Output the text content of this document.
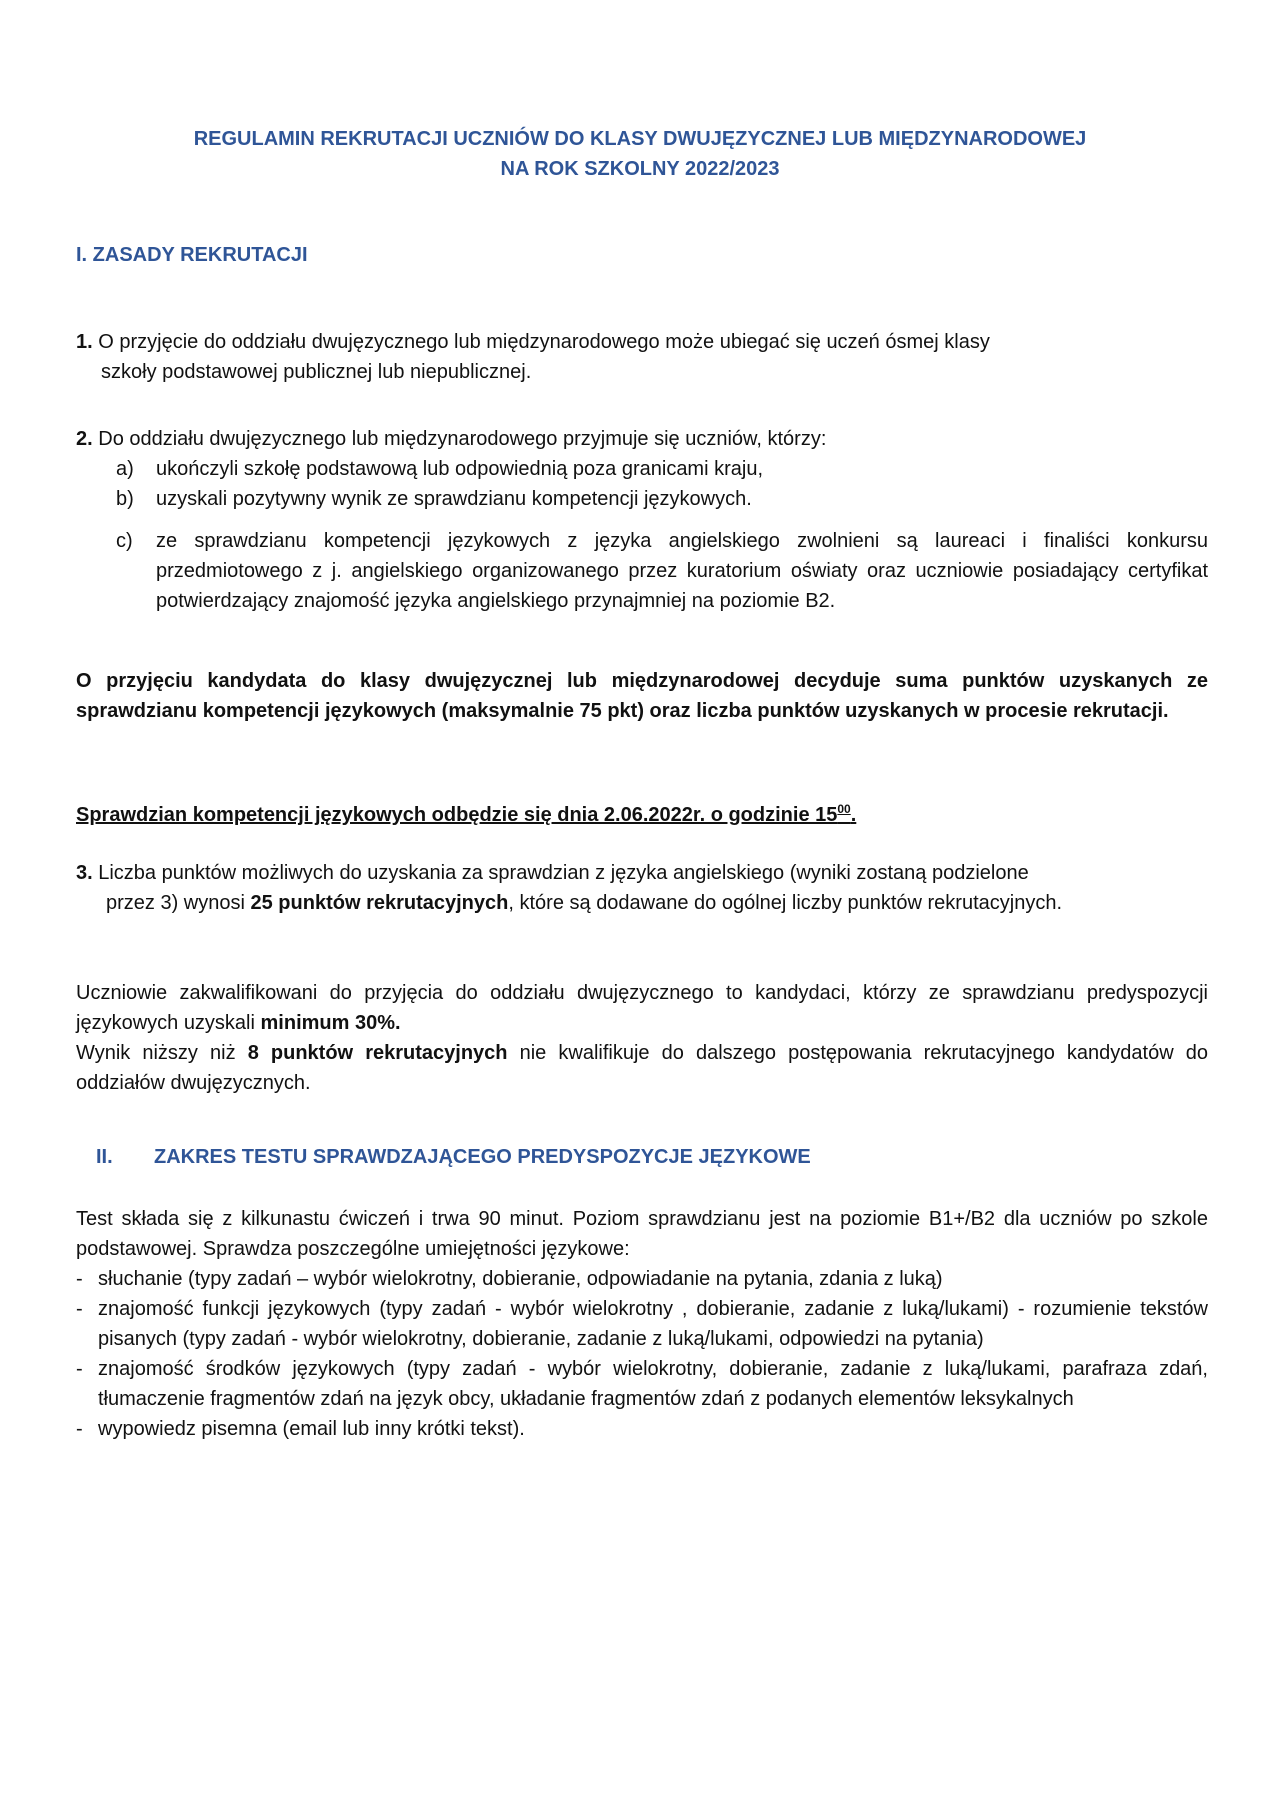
REGULAMIN REKRUTACJI UCZNIÓW DO KLASY DWUJĘZYCZNEJ LUB MIĘDZYNARODOWEJ
NA ROK SZKOLNY 2022/2023
I. ZASADY REKRUTACJI
1. O przyjęcie do oddziału dwujęzycznego lub międzynarodowego może ubiegać się uczeń ósmej klasy
szkoły podstawowej publicznej lub niepublicznej.
2. Do oddziału dwujęzycznego lub międzynarodowego przyjmuje się uczniów, którzy:
a) ukończyli szkołę podstawową lub odpowiednią poza granicami kraju,
b) uzyskali pozytywny wynik ze sprawdzianu kompetencji językowych.
c) ze sprawdzianu kompetencji językowych z języka angielskiego zwolnieni są laureaci i finaliści konkursu przedmiotowego z j. angielskiego organizowanego przez kuratorium oświaty oraz uczniowie posiadający certyfikat potwierdzający znajomość języka angielskiego przynajmniej na poziomie B2.
O przyjęciu kandydata do klasy dwujęzycznej lub międzynarodowej decyduje suma punktów uzyskanych ze sprawdzianu kompetencji językowych (maksymalnie 75 pkt) oraz liczba punktów uzyskanych w procesie rekrutacji.
Sprawdzian kompetencji językowych odbędzie się dnia 2.06.2022r. o godzinie $15^{00}$.
3. Liczba punktów możliwych do uzyskania za sprawdzian z języka angielskiego (wyniki zostaną podzielone
przez 3) wynosi 25 punktów rekrutacyjnych, które są dodawane do ogólnej liczby punktów rekrutacyjnych.
Uczniowie zakwalifikowani do przyjęcia do oddziału dwujęzycznego to kandydaci, którzy ze sprawdzianu predyspozycji językowych uzyskali minimum 30%.
Wynik niższy niż 8 punktów rekrutacyjnych nie kwalifikuje do dalszego postępowania rekrutacyjnego kandydatów do oddziałów dwujęzycznych.
II. ZAKRES TESTU SPRAWDZAJĄCEGO PREDYSPOZYCJE JĘZYKOWE
Test składa się z kilkunastu ćwiczeń i trwa 90 minut. Poziom sprawdzianu jest na poziomie B1+/B2 dla uczniów po szkole podstawowej. Sprawdza poszczególne umiejętności językowe:
- słuchanie (typy zadań – wybór wielokrotny, dobieranie, odpowiadanie na pytania, zdania z luką)
- znajomość funkcji językowych (typy zadań - wybór wielokrotny , dobieranie, zadanie z luką/lukami) - rozumienie tekstów pisanych (typy zadań - wybór wielokrotny, dobieranie, zadanie z luką/lukami, odpowiedzi na pytania)
- znajomość środków językowych (typy zadań - wybór wielokrotny, dobieranie, zadanie z luką/lukami, parafraza zdań, tłumaczenie fragmentów zdań na język obcy, układanie fragmentów zdań z podanych elementów leksykalnych
- wypowiedz pisemna (email lub inny krótki tekst).
